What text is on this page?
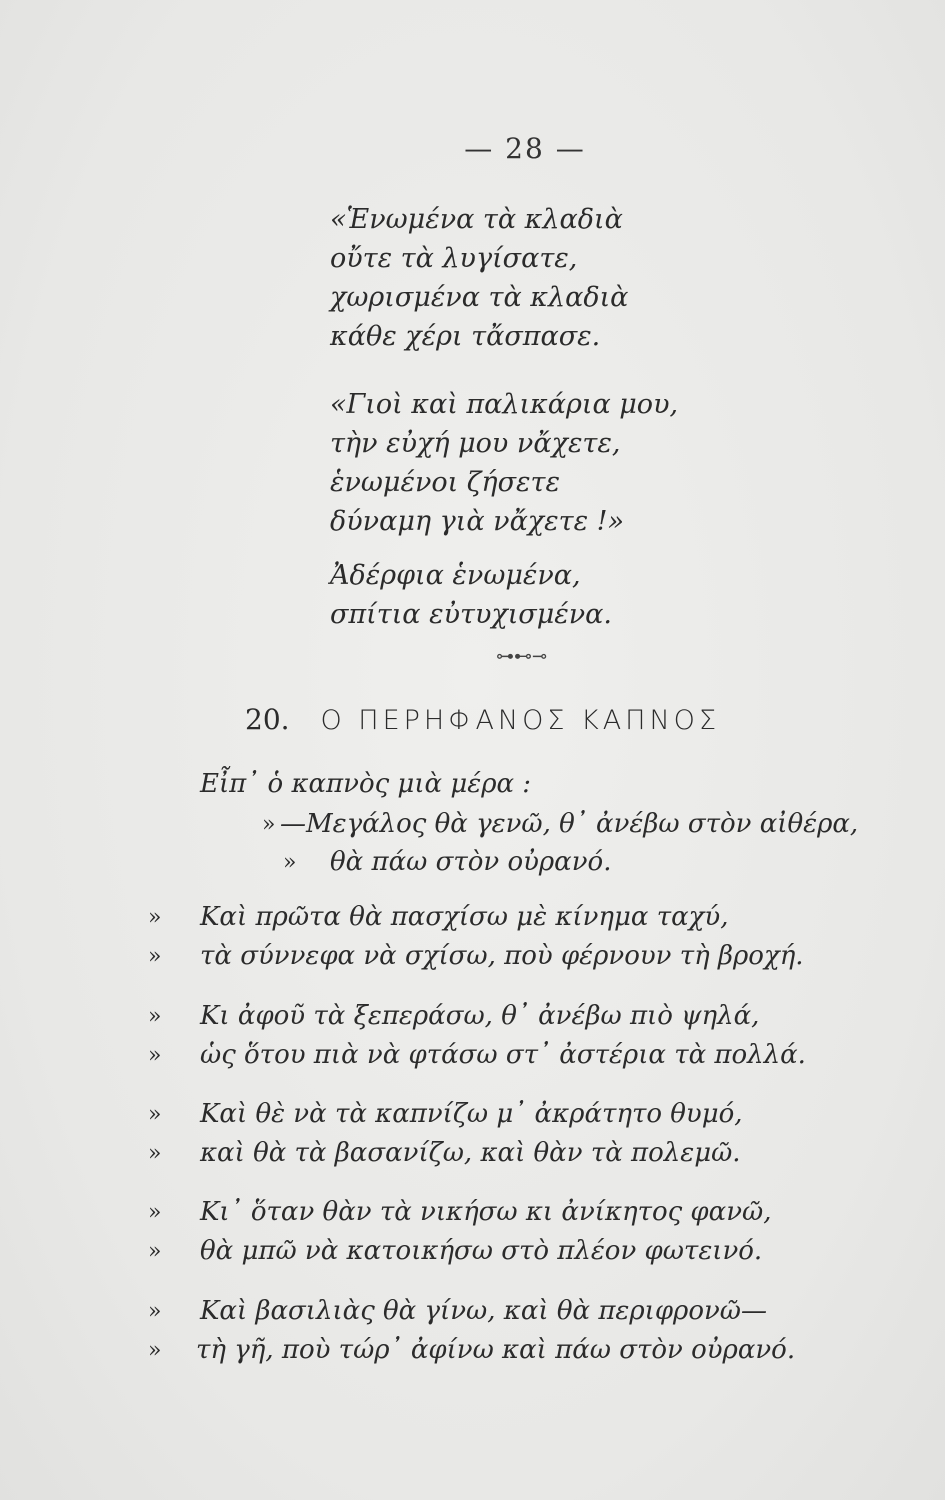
— 28 —
«Ἑνωμένα τὰ κλαδιὰ
οὔτε τὰ λυγίσατε,
χωρισμένα τὰ κλαδιὰ
κάθε χέρι τἄσπασε.
«Γιοὶ καὶ παλικάρια μου,
τὴν εὐχή μου νἄχετε,
ἑνωμένοι ζήσετε
δύναμη γιὰ νἄχετε !»
Ἀδέρφια ἑνωμένα,
σπίτια εὐτυχισμένα.
⊶⊷⊸
20. Ο ΠΕΡΗΦΑΝΟΣ ΚΑΠΝΟΣ
Εἶπ᾽ ὁ καπνὸς μιὰ μέρα :
» —Μεγάλος θὰ γενῶ, θ᾽ ἀνέβω στὸν αἰθέρα,
» θὰ πάω στὸν οὐρανό.
» Καὶ πρῶτα θὰ πασχίσω μὲ κίνημα ταχύ,
» τὰ σύννεφα νὰ σχίσω, ποὺ φέρνουν τὴ βροχή.
» Κι ἀφοῦ τὰ ξεπεράσω, θ᾽ ἀνέβω πιὸ ψηλά,
» ὡς ὅτου πιὰ νὰ φτάσω στ᾽ ἀστέρια τὰ πολλά.
» Καὶ θὲ νὰ τὰ καπνίζω μ᾽ ἀκράτητο θυμό,
» καὶ θὰ τὰ βασανίζω, καὶ θὰν τὰ πολεμῶ.
» Κι᾽ ὅταν θὰν τὰ νικήσω κι ἀνίκητος φανῶ,
» θὰ μπῶ νὰ κατοικήσω στὸ πλέον φωτεινό.
» Καὶ βασιλιὰς θὰ γίνω, καὶ θὰ περιφρονῶ—
» τὴ γῆ, ποὺ τώρ᾽ ἀφίνω καὶ πάω στὸν οὐρανό.
